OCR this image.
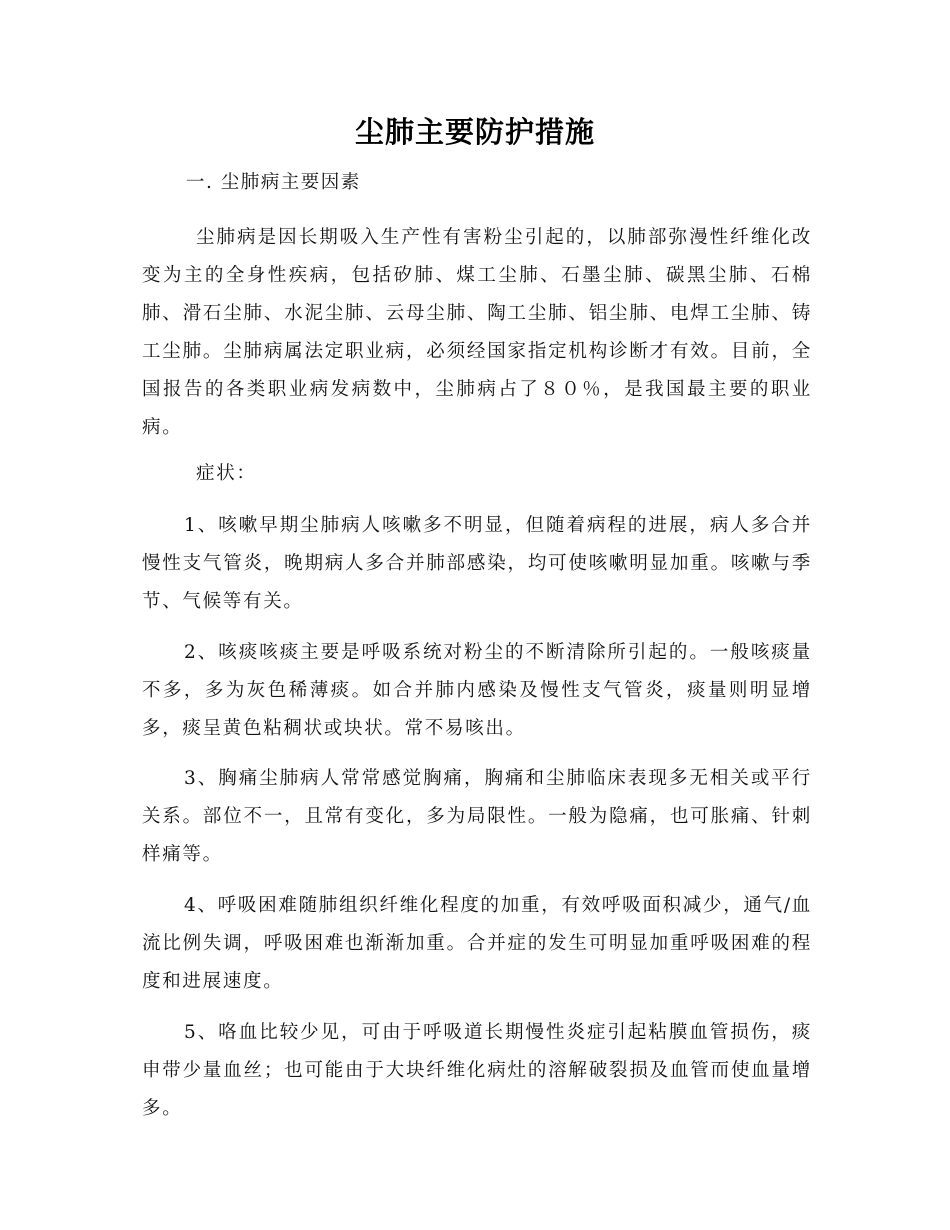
尘肺主要防护措施
一. 尘肺病主要因素

尘肺病是因长期吸入生产性有害粉尘引起的，以肺部弥漫性纤维化改变为主的全身性疾病，包括矽肺、煤工尘肺、石墨尘肺、碳黑尘肺、石棉肺、滑石尘肺、水泥尘肺、云母尘肺、陶工尘肺、铝尘肺、电焊工尘肺、铸工尘肺。尘肺病属法定职业病，必须经国家指定机构诊断才有效。目前，全国报告的各类职业病发病数中，尘肺病占了８０％，是我国最主要的职业病。

症状：

1、咳嗽早期尘肺病人咳嗽多不明显，但随着病程的进展，病人多合并慢性支气管炎，晚期病人多合并肺部感染，均可使咳嗽明显加重。咳嗽与季节、气候等有关。

2、咳痰咳痰主要是呼吸系统对粉尘的不断清除所引起的。一般咳痰量不多，多为灰色稀薄痰。如合并肺内感染及慢性支气管炎，痰量则明显增多，痰呈黄色粘稠状或块状。常不易咳出。

3、胸痛尘肺病人常常感觉胸痛，胸痛和尘肺临床表现多无相关或平行关系。部位不一，且常有变化，多为局限性。一般为隐痛，也可胀痛、针刺样痛等。

4、呼吸困难随肺组织纤维化程度的加重，有效呼吸面积减少，通气/血流比例失调，呼吸困难也渐渐加重。合并症的发生可明显加重呼吸困难的程度和进展速度。

5、咯血比较少见，可由于呼吸道长期慢性炎症引起粘膜血管损伤，痰申带少量血丝；也可能由于大块纤维化病灶的溶解破裂损及血管而使血量增多。
